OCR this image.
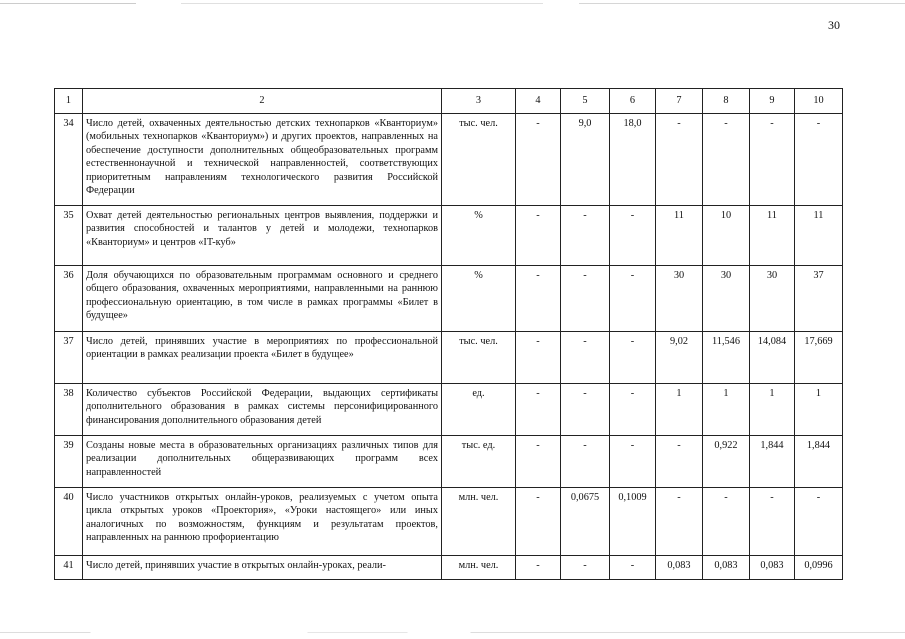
30
1	2	3	4	5	6	7	8	9	10
34	Число детей, охваченных деятельностью детских технопарков «Кванториум» (мобильных технопарков «Кванториум») и других проектов, направленных на обеспечение доступности дополнительных общеобразовательных программ естественнонаучной и технической направленностей, соответствующих приоритетным направлениям технологического развития Российской Федерации	тыс. чел.	-	9,0	18,0	-	-	-	-
35	Охват детей деятельностью региональных центров выявления, поддержки и развития способностей и талантов у детей и молодежи, технопарков «Кванториум» и центров «IT-куб»	%	-	-	-	11	10	11	11
36	Доля обучающихся по образовательным программам основного и среднего общего образования, охваченных мероприятиями, направленными на раннюю профессиональную ориентацию, в том числе в рамках программы «Билет в будущее»	%	-	-	-	30	30	30	37
37	Число детей, принявших участие в мероприятиях по профессиональной ориентации в рамках реализации проекта «Билет в будущее»	тыс. чел.	-	-	-	9,02	11,546	14,084	17,669
38	Количество субъектов Российской Федерации, выдающих сертификаты дополнительного образования в рамках системы персонифицированного финансирования дополнительного образования детей	ед.	-	-	-	1	1	1	1
39	Созданы новые места в образовательных организациях различных типов для реализации дополнительных общеразвивающих программ всех направленностей	тыс. ед.	-	-	-	-	0,922	1,844	1,844
40	Число участников открытых онлайн-уроков, реализуемых с учетом опыта цикла открытых уроков «Проектория», «Уроки настоящего» или иных аналогичных по возможностям, функциям и результатам проектов, направленных на раннюю профориентацию	млн. чел.	-	0,0675	0,1009	-	-	-	-
41	Число детей, принявших участие в открытых онлайн-уроках, реали-	млн. чел.	-	-	-	0,083	0,083	0,083	0,0996
